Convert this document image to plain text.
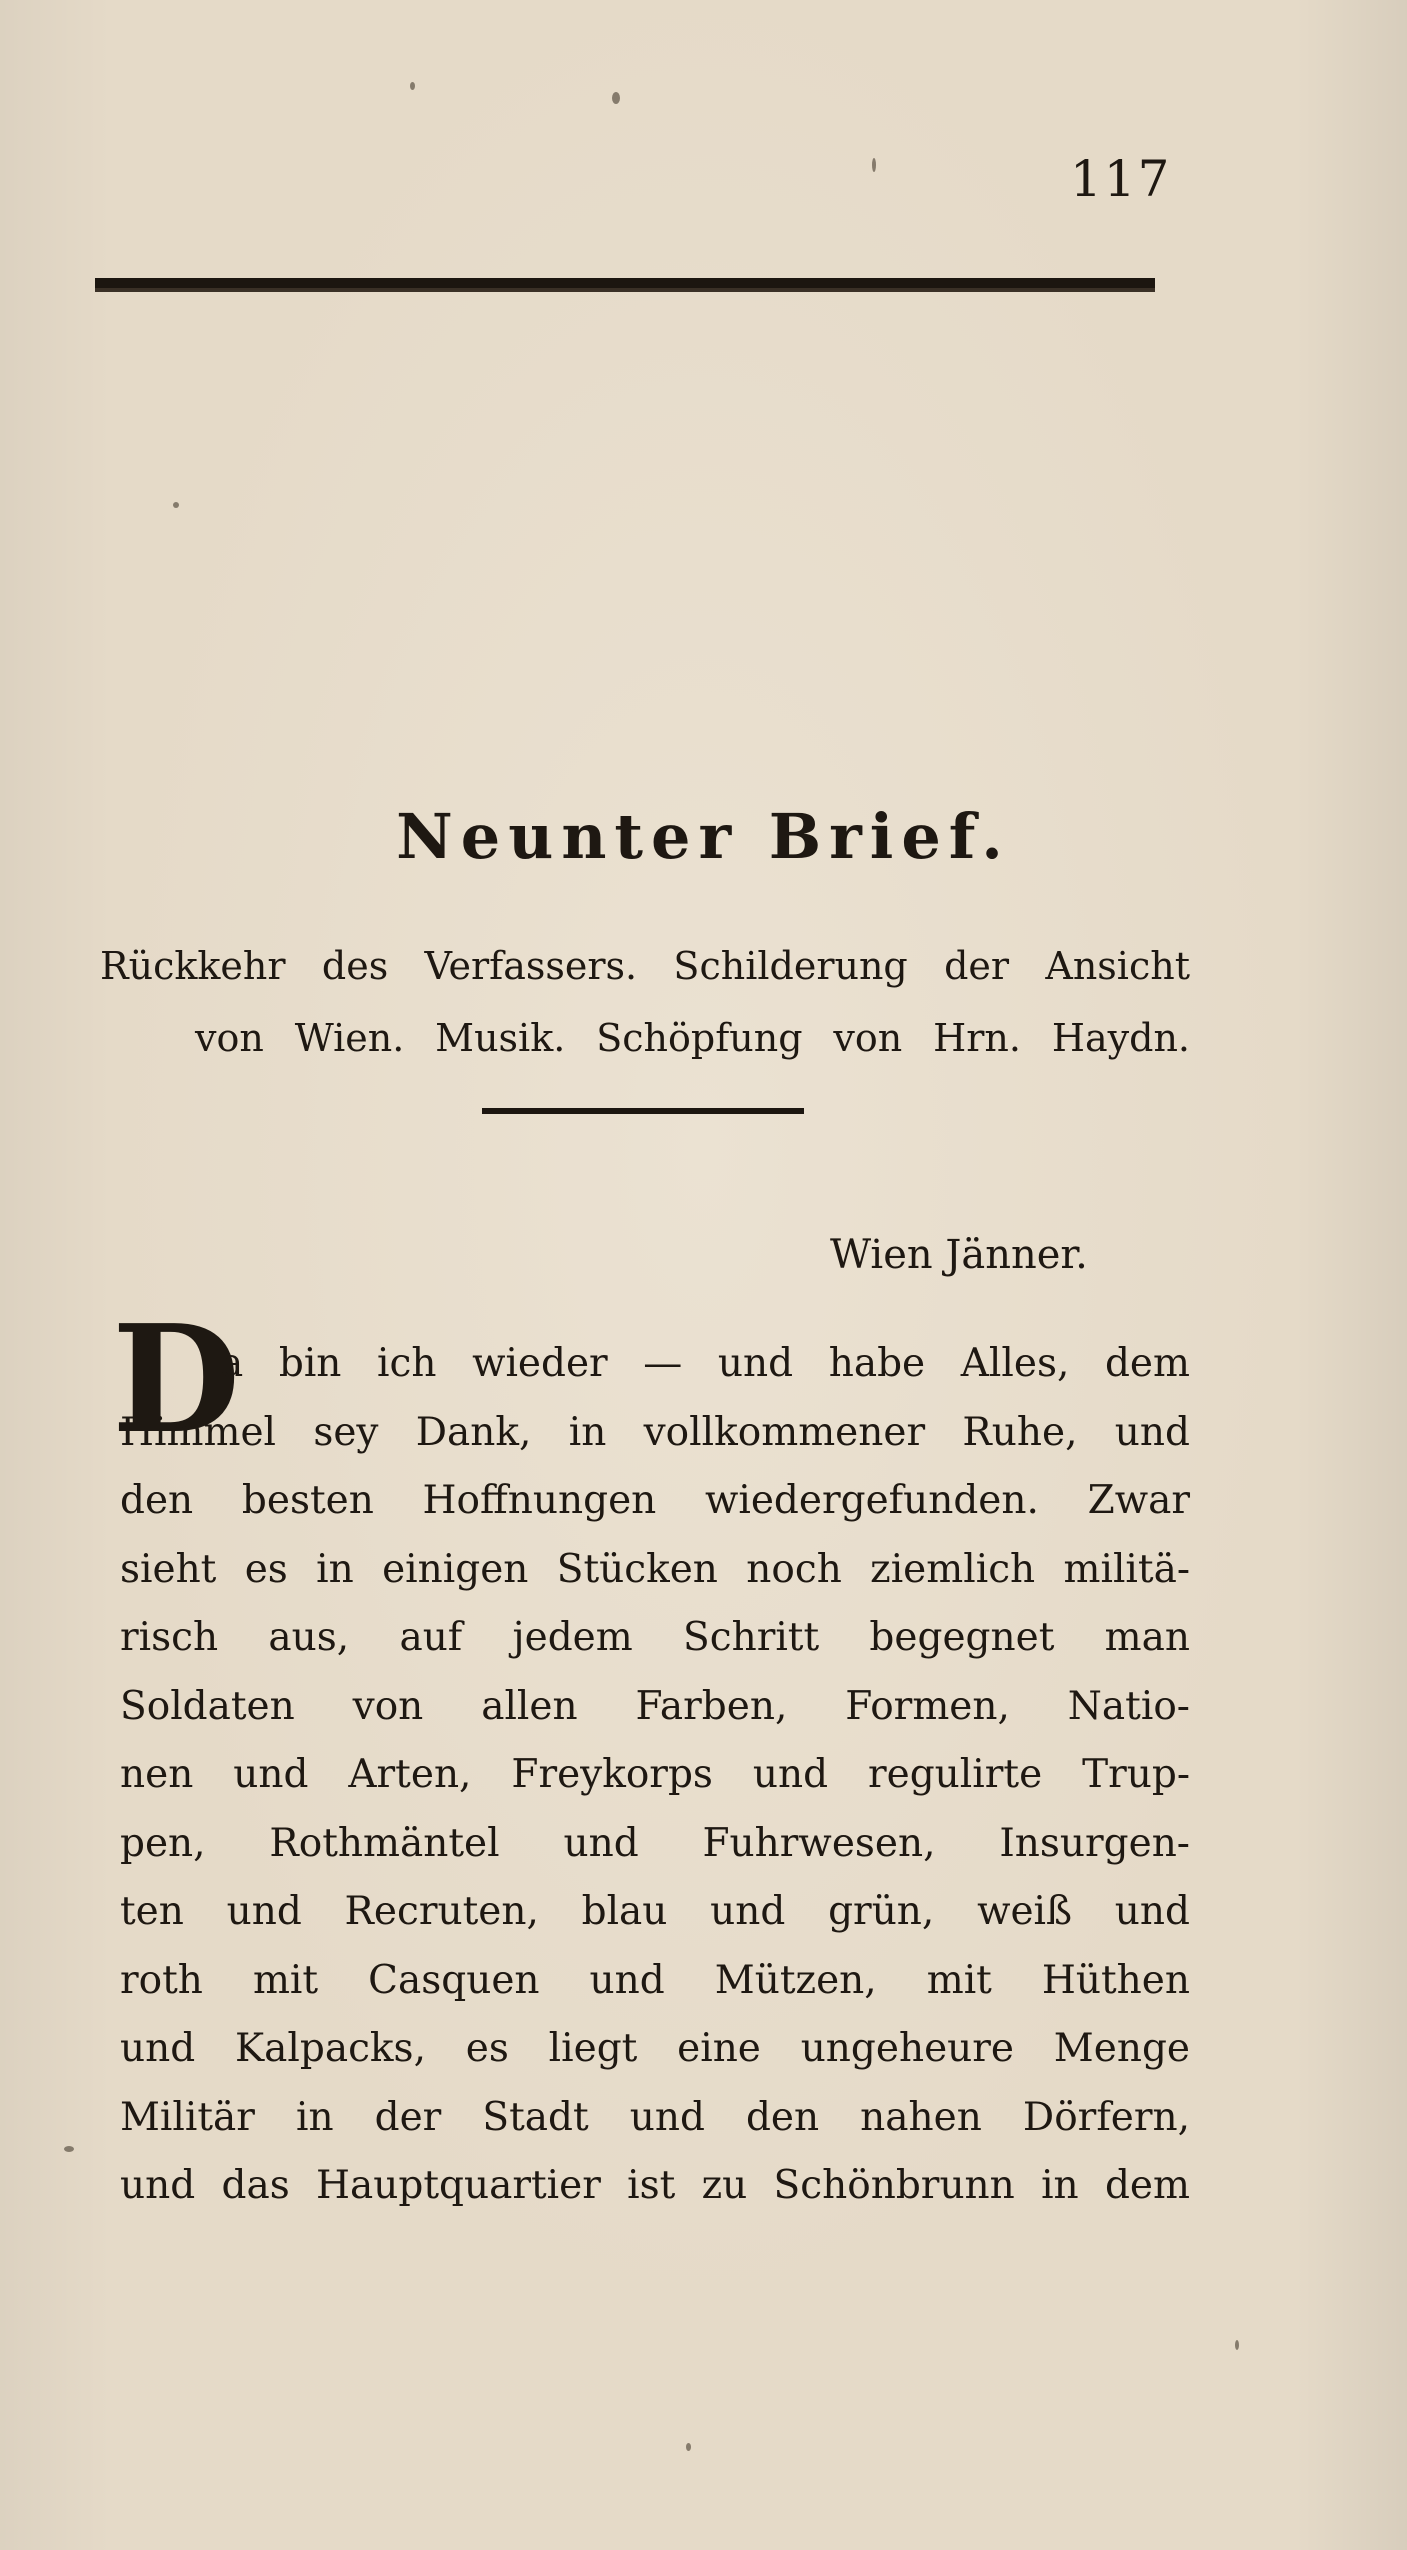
117
Neunter Brief.
Rückkehr des Verfassers. Schilderung der Ansicht
von Wien. Musik. Schöpfung von Hrn. Haydn.
Wien Jänner.
D
a bin ich wieder — und habe Alles, dem
Himmel sey Dank, in vollkommener Ruhe, und
den besten Hoffnungen wiedergefunden. Zwar
sieht es in einigen Stücken noch ziemlich militä-
risch aus, auf jedem Schritt begegnet man
Soldaten von allen Farben, Formen, Natio-
nen und Arten, Freykorps und regulirte Trup-
pen, Rothmäntel und Fuhrwesen, Insurgen-
ten und Recruten, blau und grün, weiß und
roth mit Casquen und Mützen, mit Hüthen
und Kalpacks, es liegt eine ungeheure Menge
Militär in der Stadt und den nahen Dörfern,
und das Hauptquartier ist zu Schönbrunn in dem
